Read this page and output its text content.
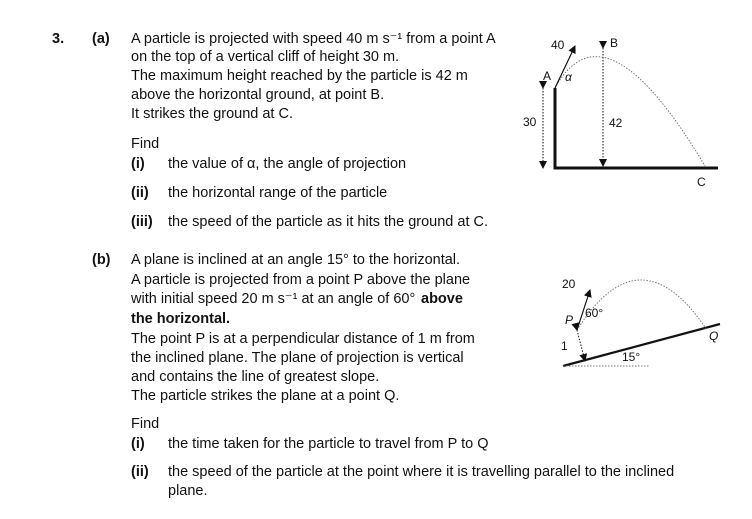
3. (a) A particle is projected with speed 40 m s⁻¹ from a point A
on the top of a vertical cliff of height 30 m.
The maximum height reached by the particle is 42 m
above the horizontal ground, at point B.
It strikes the ground at C.
Find
(i) the value of α, the angle of projection
(ii) the horizontal range of the particle
(iii) the speed of the particle as it hits the ground at C.
(b) A plane is inclined at an angle 15° to the horizontal.
A particle is projected from a point P above the plane
with initial speed 20 m s⁻¹ at an angle of 60° above
the horizontal.
The point P is at a perpendicular distance of 1 m from
the inclined plane. The plane of projection is vertical
and contains the line of greatest slope.
The particle strikes the plane at a point Q.
Find
(i) the time taken for the particle to travel from P to Q
(ii) the speed of the particle at the point where it is travelling parallel to the inclined
plane.
40
A α
B
30	42
C
20
P 60°
1
15°
Q
